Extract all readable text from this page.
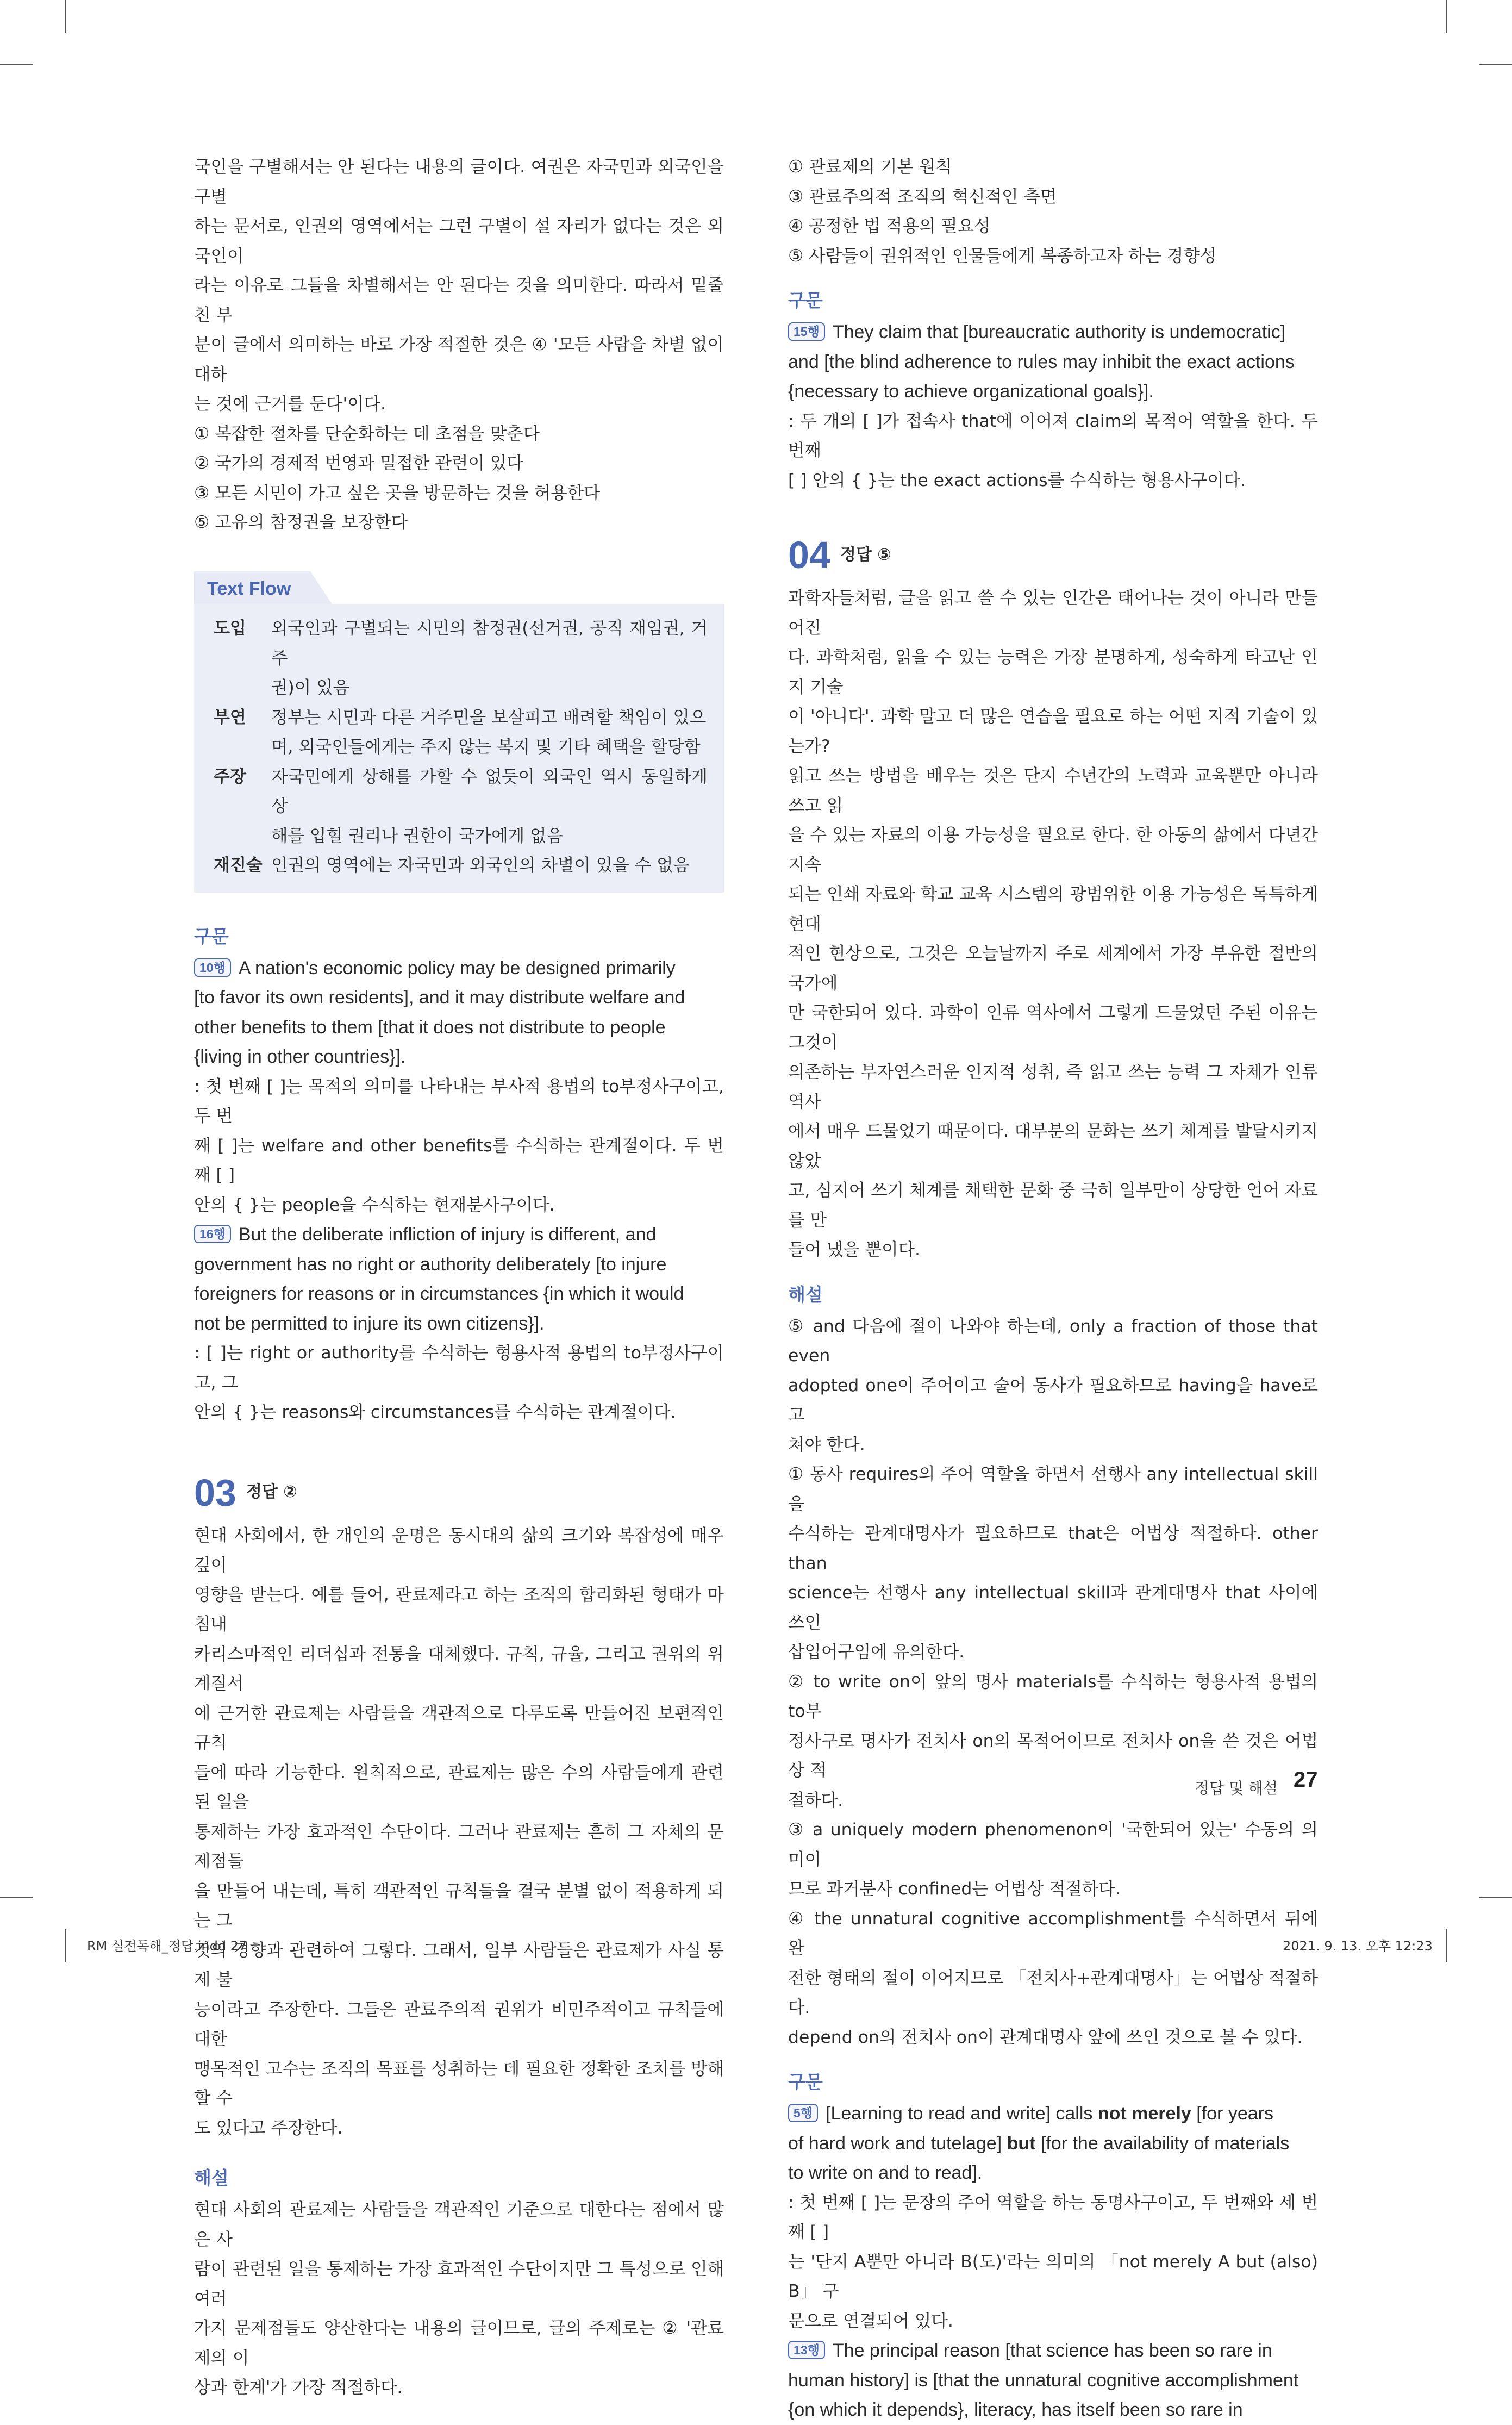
국인을 구별해서는 안 된다는 내용의 글이다. 여권은 자국민과 외국인을 구별
하는 문서로, 인권의 영역에서는 그런 구별이 설 자리가 없다는 것은 외국인이
라는 이유로 그들을 차별해서는 안 된다는 것을 의미한다. 따라서 밑줄 친 부
분이 글에서 의미하는 바로 가장 적절한 것은 ④ '모든 사람을 차별 없이 대하
는 것에 근거를 둔다'이다.
① 복잡한 절차를 단순화하는 데 초점을 맞춘다
② 국가의 경제적 번영과 밀접한 관련이 있다
③ 모든 시민이 가고 싶은 곳을 방문하는 것을 허용한다
⑤ 고유의 참정권을 보장한다
Text Flow
도입	외국인과 구별되는 시민의 참정권(선거권, 공직 재임권, 거주
권)이 있음
부연	정부는 시민과 다른 거주민을 보살피고 배려할 책임이 있으
며, 외국인들에게는 주지 않는 복지 및 기타 혜택을 할당함
주장	자국민에게 상해를 가할 수 없듯이 외국인 역시 동일하게 상
해를 입힐 권리나 권한이 국가에게 없음
재진술 인권의 영역에는 자국민과 외국인의 차별이 있을 수 없음
구문
10행 A nation's economic policy may be designed primarily
[to favor its own residents], and it may distribute welfare and
other benefits to them [that it does not distribute to people
{living in other countries}].
: 첫 번째 [ ]는 목적의 의미를 나타내는 부사적 용법의 to부정사구이고, 두 번
째 [ ]는 welfare and other benefits를 수식하는 관계절이다. 두 번째 [ ]
안의 { }는 people을 수식하는 현재분사구이다.
16행 But the deliberate infliction of injury is different, and
government has no right or authority deliberately [to injure
foreigners for reasons or in circumstances {in which it would
not be permitted to injure its own citizens}].
: [ ]는 right or authority를 수식하는 형용사적 용법의 to부정사구이고, 그
안의 { }는 reasons와 circumstances를 수식하는 관계절이다.
03 정답 ②
현대 사회에서, 한 개인의 운명은 동시대의 삶의 크기와 복잡성에 매우 깊이
영향을 받는다. 예를 들어, 관료제라고 하는 조직의 합리화된 형태가 마침내
카리스마적인 리더십과 전통을 대체했다. 규칙, 규율, 그리고 권위의 위계질서
에 근거한 관료제는 사람들을 객관적으로 다루도록 만들어진 보편적인 규칙
들에 따라 기능한다. 원칙적으로, 관료제는 많은 수의 사람들에게 관련된 일을
통제하는 가장 효과적인 수단이다. 그러나 관료제는 흔히 그 자체의 문제점들
을 만들어 내는데, 특히 객관적인 규칙들을 결국 분별 없이 적용하게 되는 그
것의 경향과 관련하여 그렇다. 그래서, 일부 사람들은 관료제가 사실 통제 불
능이라고 주장한다. 그들은 관료주의적 권위가 비민주적이고 규칙들에 대한
맹목적인 고수는 조직의 목표를 성취하는 데 필요한 정확한 조치를 방해할 수
도 있다고 주장한다.
해설
현대 사회의 관료제는 사람들을 객관적인 기준으로 대한다는 점에서 많은 사
람이 관련된 일을 통제하는 가장 효과적인 수단이지만 그 특성으로 인해 여러
가지 문제점들도 양산한다는 내용의 글이므로, 글의 주제로는 ② '관료제의 이
상과 한계'가 가장 적절하다.
① 관료제의 기본 원칙
③ 관료주의적 조직의 혁신적인 측면
④ 공정한 법 적용의 필요성
⑤ 사람들이 권위적인 인물들에게 복종하고자 하는 경향성
구문
15행 They claim that [bureaucratic authority is undemocratic]
and [the blind adherence to rules may inhibit the exact actions
{necessary to achieve organizational goals}].
: 두 개의 [ ]가 접속사 that에 이어져 claim의 목적어 역할을 한다. 두 번째
[ ] 안의 { }는 the exact actions를 수식하는 형용사구이다.
04 정답 ⑤
과학자들처럼, 글을 읽고 쓸 수 있는 인간은 태어나는 것이 아니라 만들어진
다. 과학처럼, 읽을 수 있는 능력은 가장 분명하게, 성숙하게 타고난 인지 기술
이 '아니다'. 과학 말고 더 많은 연습을 필요로 하는 어떤 지적 기술이 있는가?
읽고 쓰는 방법을 배우는 것은 단지 수년간의 노력과 교육뿐만 아니라 쓰고 읽
을 수 있는 자료의 이용 가능성을 필요로 한다. 한 아동의 삶에서 다년간 지속
되는 인쇄 자료와 학교 교육 시스템의 광범위한 이용 가능성은 독특하게 현대
적인 현상으로, 그것은 오늘날까지 주로 세계에서 가장 부유한 절반의 국가에
만 국한되어 있다. 과학이 인류 역사에서 그렇게 드물었던 주된 이유는 그것이
의존하는 부자연스러운 인지적 성취, 즉 읽고 쓰는 능력 그 자체가 인류 역사
에서 매우 드물었기 때문이다. 대부분의 문화는 쓰기 체계를 발달시키지 않았
고, 심지어 쓰기 체계를 채택한 문화 중 극히 일부만이 상당한 언어 자료를 만
들어 냈을 뿐이다.
해설
⑤ and 다음에 절이 나와야 하는데, only a fraction of those that even
adopted one이 주어이고 술어 동사가 필요하므로 having을 have로 고
쳐야 한다.
① 동사 requires의 주어 역할을 하면서 선행사 any intellectual skill을
수식하는 관계대명사가 필요하므로 that은 어법상 적절하다. other than
science는 선행사 any intellectual skill과 관계대명사 that 사이에 쓰인
삽입어구임에 유의한다.
② to write on이 앞의 명사 materials를 수식하는 형용사적 용법의 to부
정사구로 명사가 전치사 on의 목적어이므로 전치사 on을 쓴 것은 어법상 적
절하다.
③ a uniquely modern phenomenon이 '국한되어 있는' 수동의 의미이
므로 과거분사 confined는 어법상 적절하다.
④ the unnatural cognitive accomplishment를 수식하면서 뒤에 완
전한 형태의 절이 이어지므로 「전치사+관계대명사」는 어법상 적절하다.
depend on의 전치사 on이 관계대명사 앞에 쓰인 것으로 볼 수 있다.
구문
5행 [Learning to read and write] calls not merely [for years
of hard work and tutelage] but [for the availability of materials
to write on and to read].
: 첫 번째 [ ]는 문장의 주어 역할을 하는 동명사구이고, 두 번째와 세 번째 [ ]
는 '단지 A뿐만 아니라 B(도)'라는 의미의 「not merely A but (also) B」 구
문으로 연결되어 있다.
13행 The principal reason [that science has been so rare in
human history] is [that the unnatural cognitive accomplishment
{on which it depends}, literacy, has itself been so rare in
정답 및 해설 27
RM 실전독해_정답.indd 27	2021. 9. 13. 오후 12:23
